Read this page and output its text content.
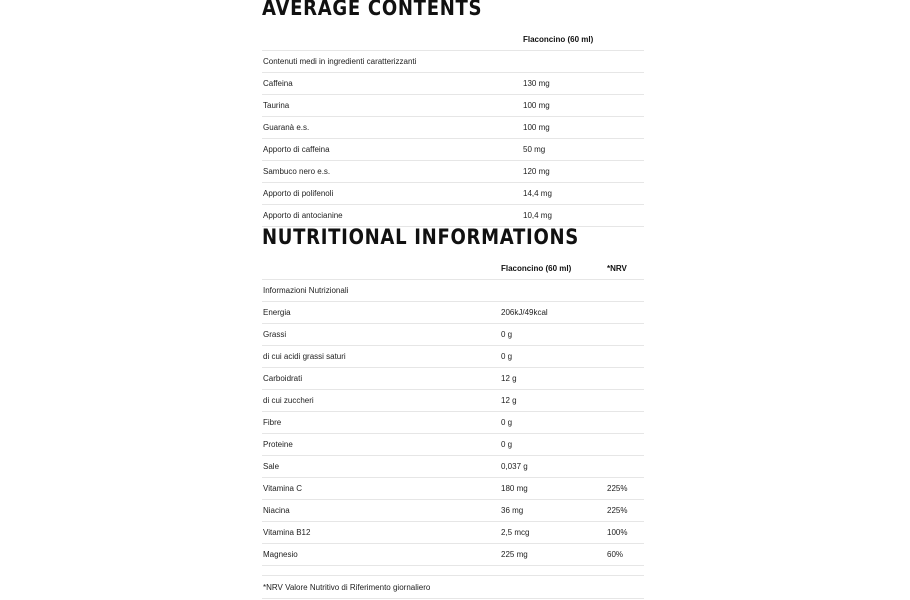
AVERAGE CONTENTS
	Flaconcino (60 ml)
Contenuti medi in ingredienti caratterizzanti	
Caffeina	130 mg
Taurina	100 mg
Guaranà e.s.	100 mg
Apporto di caffeina	50 mg
Sambuco nero e.s.	120 mg
Apporto di polifenoli	14,4 mg
Apporto di antocianine	10,4 mg
NUTRITIONAL INFORMATIONS
	Flaconcino (60 ml)	*NRV
Informazioni Nutrizionali		
Energia	206kJ/49kcal	
Grassi	0 g	
di cui acidi grassi saturi	0 g	
Carboidrati	12 g	
di cui zuccheri	12 g	
Fibre	0 g	
Proteine	0 g	
Sale	0,037 g	
Vitamina C	180 mg	225%
Niacina	36 mg	225%
Vitamina B12	2,5 mcg	100%
Magnesio	225 mg	60%

*NRV Valore Nutritivo di Riferimento giornaliero		
